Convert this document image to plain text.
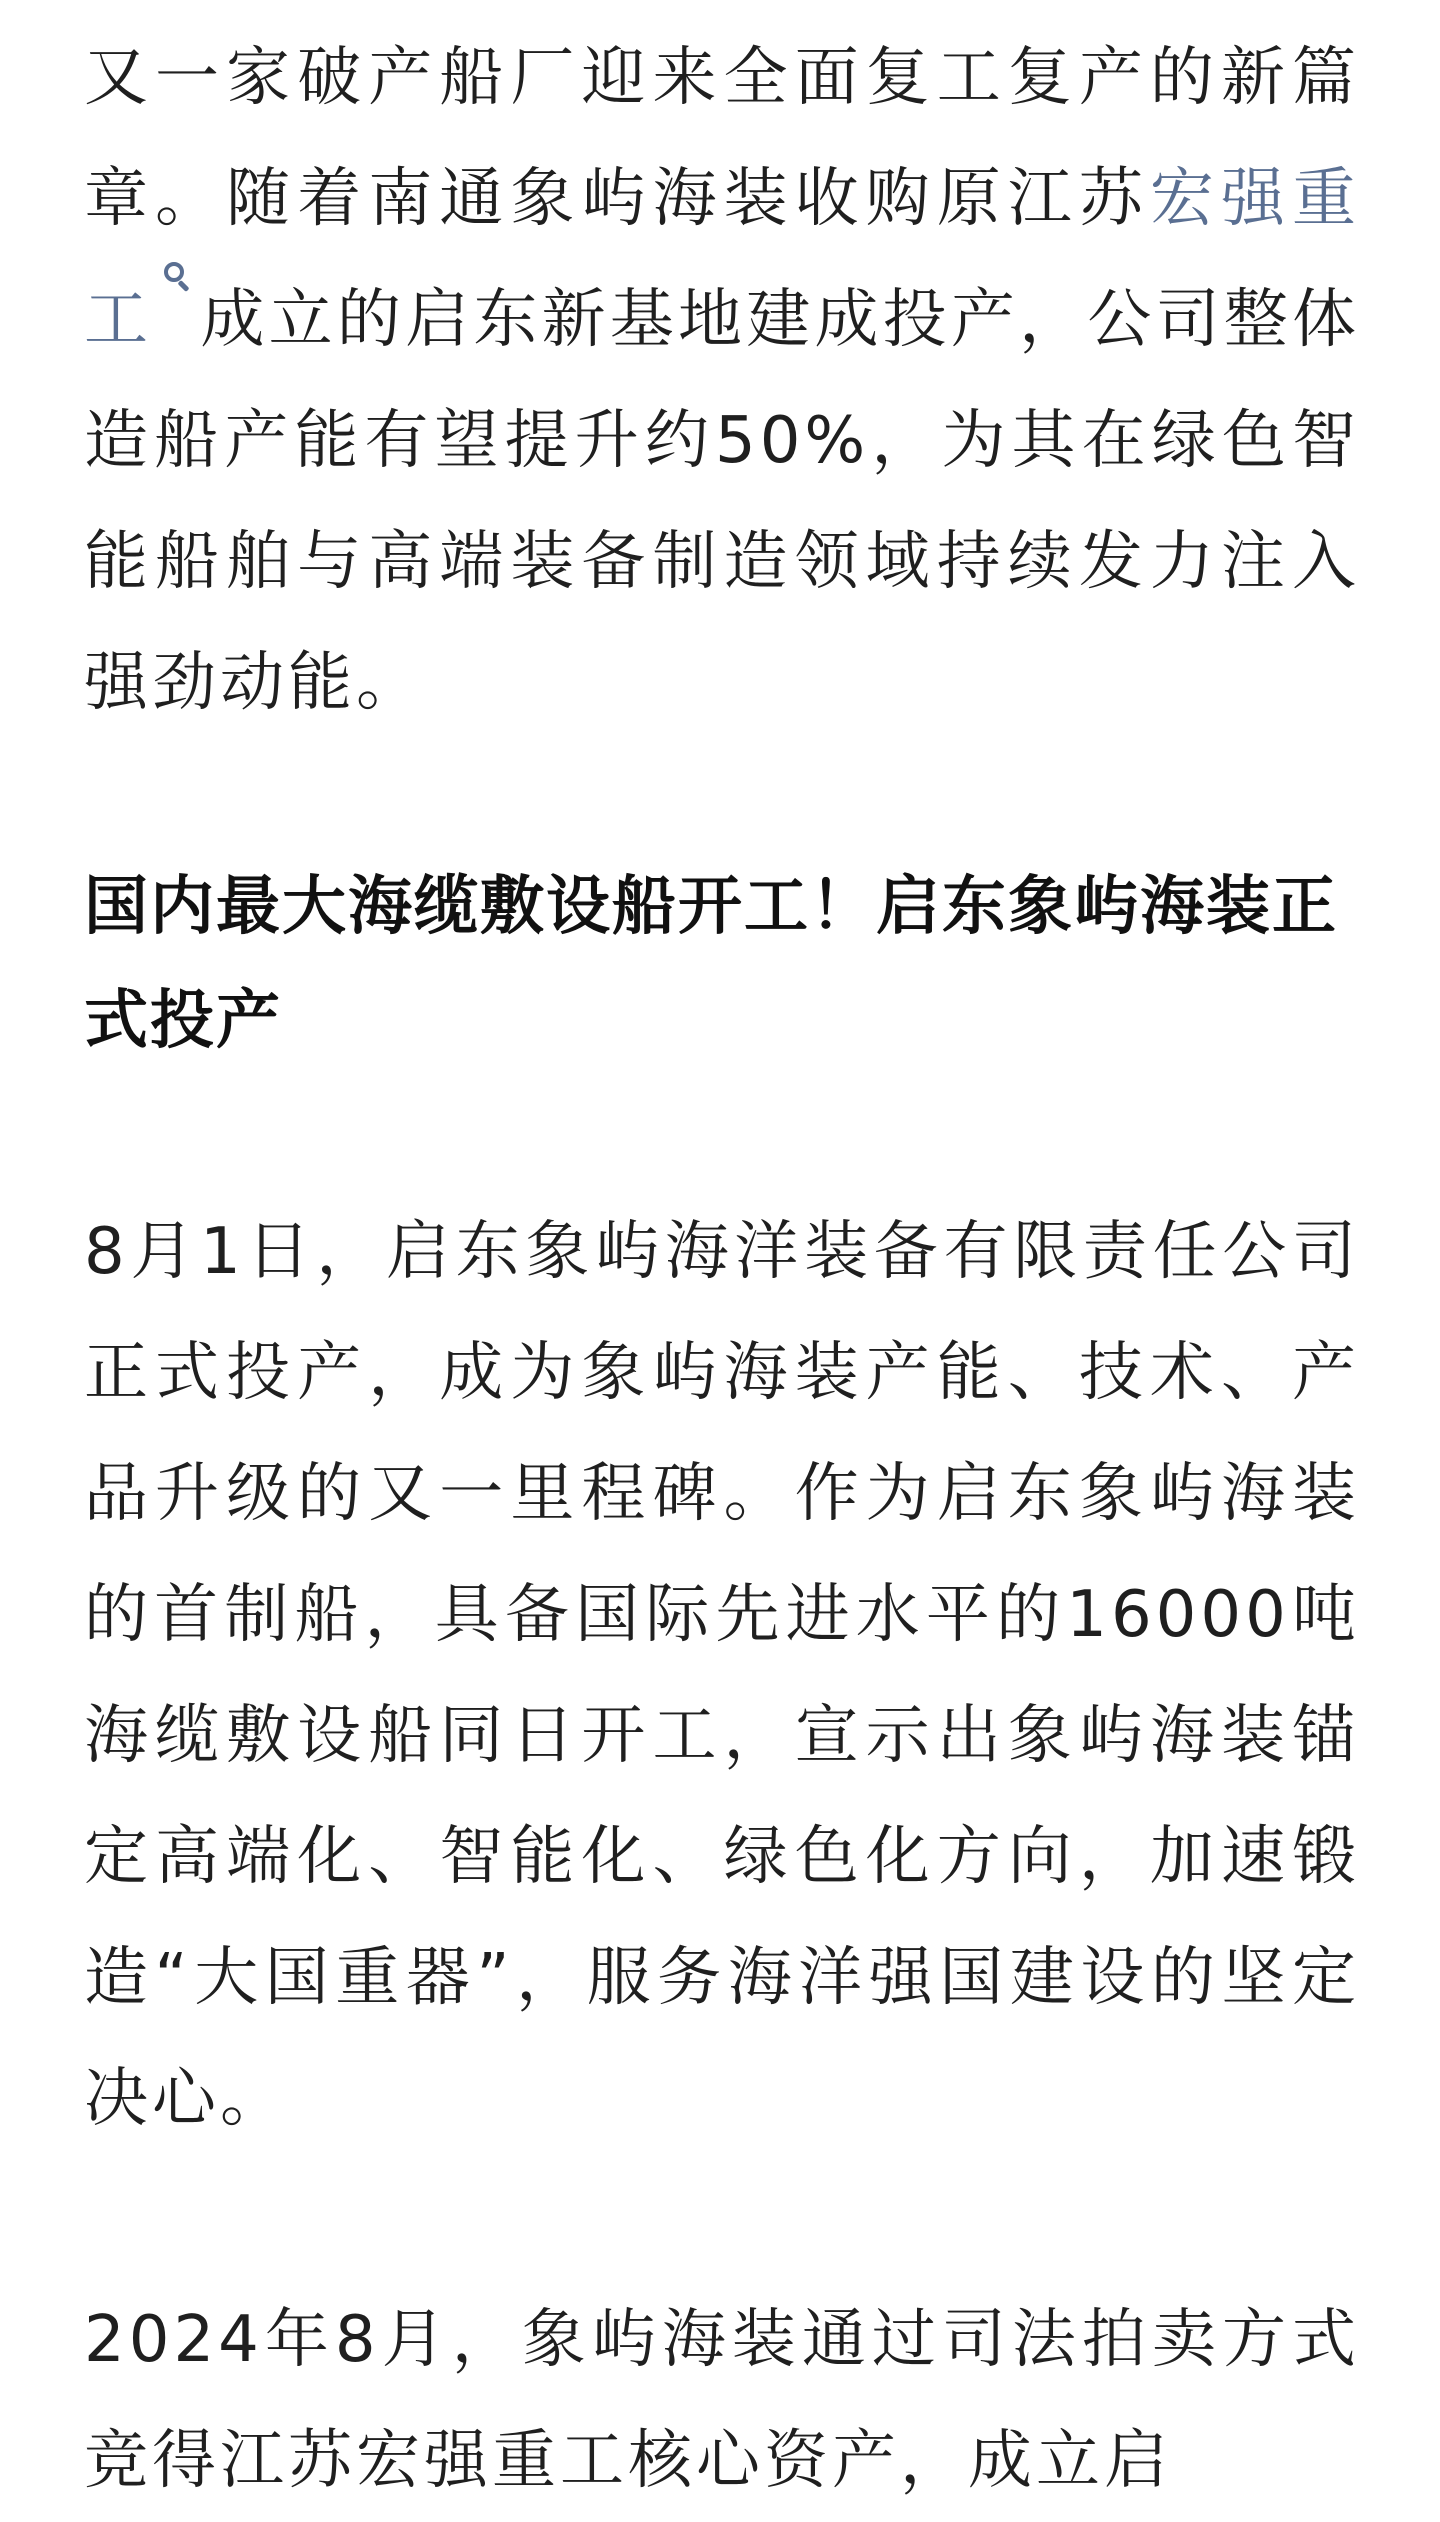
又一家破产船厂迎来全面复工复产的新篇章。随着南通象屿海装收购原江苏宏强重工 成立的启东新基地建成投产，公司整体造船产能有望提升约50%，为其在绿色智能船舶与高端装备制造领域持续发力注入强劲动能。

国内最大海缆敷设船开工！启东象屿海装正式投产

8月1日，启东象屿海洋装备有限责任公司正式投产，成为象屿海装产能、技术、产品升级的又一里程碑。作为启东象屿海装的首制船，具备国际先进水平的16000吨海缆敷设船同日开工，宣示出象屿海装锚定高端化、智能化、绿色化方向，加速锻造“大国重器”，服务海洋强国建设的坚定决心。

2024年8月，象屿海装通过司法拍卖方式竞得江苏宏强重工核心资产，成立启
